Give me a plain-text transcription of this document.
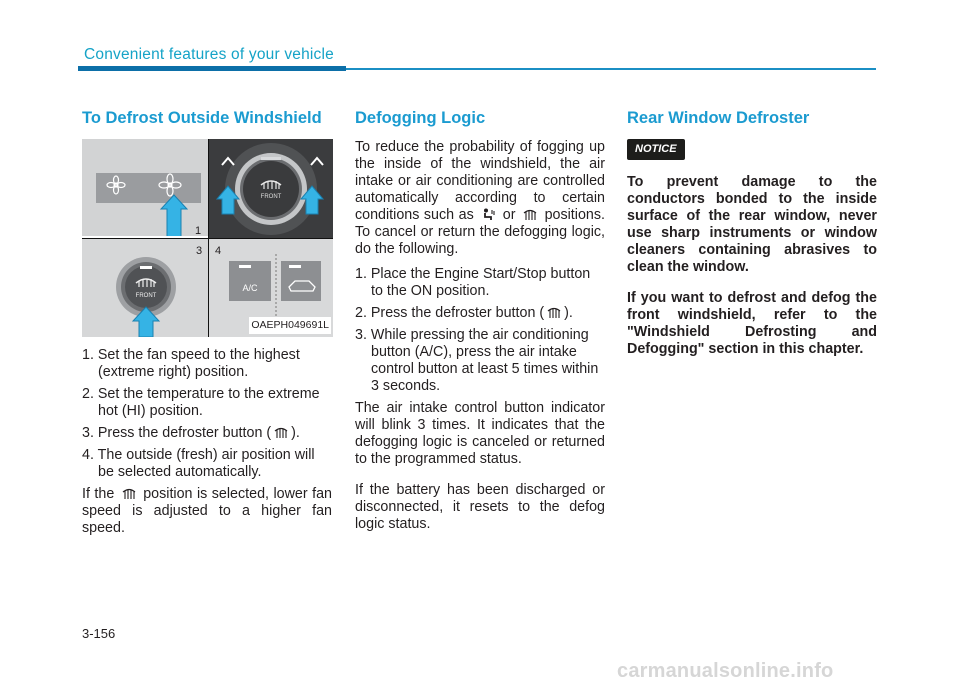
Convenient features of your vehicle
To Defrost Outside Windshield
FRONT
FRONT
A/C
1
3 4
OAEPH049691L

1. Set the fan speed to the highest (extreme right) position.

2. Set the temperature to the extreme hot (HI) position.

3. Press the defroster button ( ).

4. The outside (fresh) air position will be selected automatically.

If the position is selected, lower fan speed is adjusted to a higher fan speed.

Defogging Logic

To reduce the probability of fogging up the inside of the windshield, the air intake or air conditioning are controlled automatically according to certain conditions such as or positions. To cancel or return the defogging logic, do the following.

1. Place the Engine Start/Stop button to the ON position.

2. Press the defroster button ( ).

3. While pressing the air conditioning button (A/C), press the air intake control button at least 5 times within 3 seconds.

The air intake control button indicator will blink 3 times. It indicates that the defogging logic is canceled or returned to the programmed status.

If the battery has been discharged or disconnected, it resets to the defog logic status.

Rear Window Defroster
NOTICE

To prevent damage to the conductors bonded to the inside surface of the rear window, never use sharp instruments or window cleaners containing abrasives to clean the window.

If you want to defrost and defog the front windshield, refer to the "Windshield Defrosting and Defogging" section in this chapter.

3-156
carmanualsonline.info
